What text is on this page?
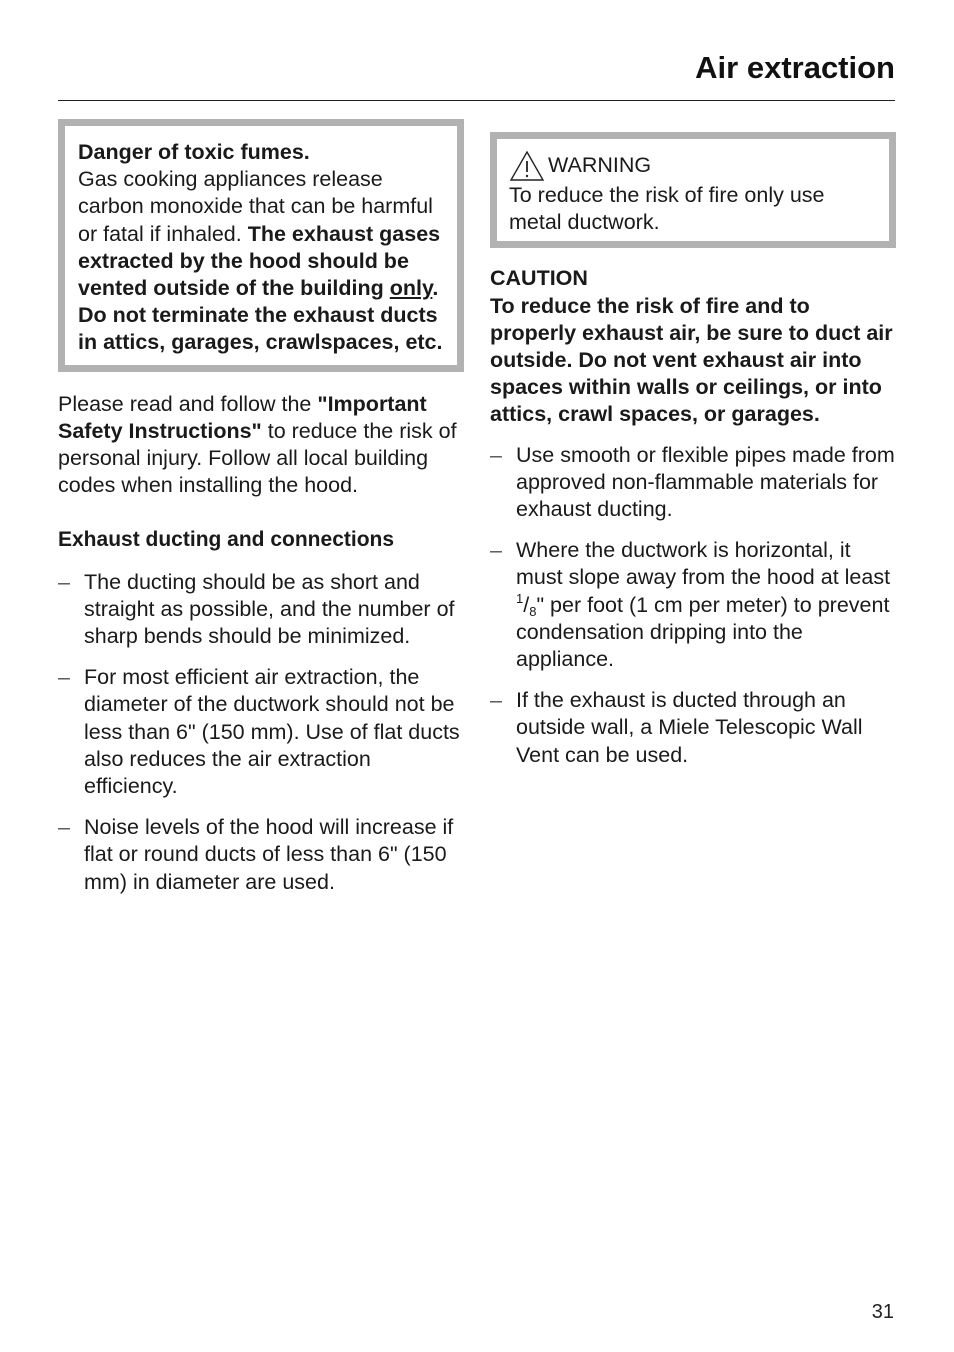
Air extraction

Danger of toxic fumes.

Gas cooking appliances release carbon monoxide that can be harmful or fatal if inhaled. The exhaust gases extracted by the hood should be vented outside of the building only.

Do not terminate the exhaust ducts in attics, garages, crawlspaces, etc.

Please read and follow the "Important Safety Instructions" to reduce the risk of personal injury. Follow all local building codes when installing the hood.

Exhaust ducting and connections

– The ducting should be as short and straight as possible, and the number of sharp bends should be minimized.
– For most efficient air extraction, the diameter of the ductwork should not be less than 6" (150 mm). Use of flat ducts also reduces the air extraction efficiency.
– Noise levels of the hood will increase if flat or round ducts of less than 6" (150 mm) in diameter are used.
WARNING

To reduce the risk of fire only use metal ductwork.

CAUTION

To reduce the risk of fire and to properly exhaust air, be sure to duct air outside. Do not vent exhaust air into spaces within walls or ceilings, or into attics, crawl spaces, or garages.

– Use smooth or flexible pipes made from approved non-flammable materials for exhaust ducting.
– Where the ductwork is horizontal, it must slope away from the hood at least $^1/_8$" per foot (1 cm per meter) to prevent condensation dripping into the appliance.
– If the exhaust is ducted through an outside wall, a Miele Telescopic Wall Vent can be used.
31
